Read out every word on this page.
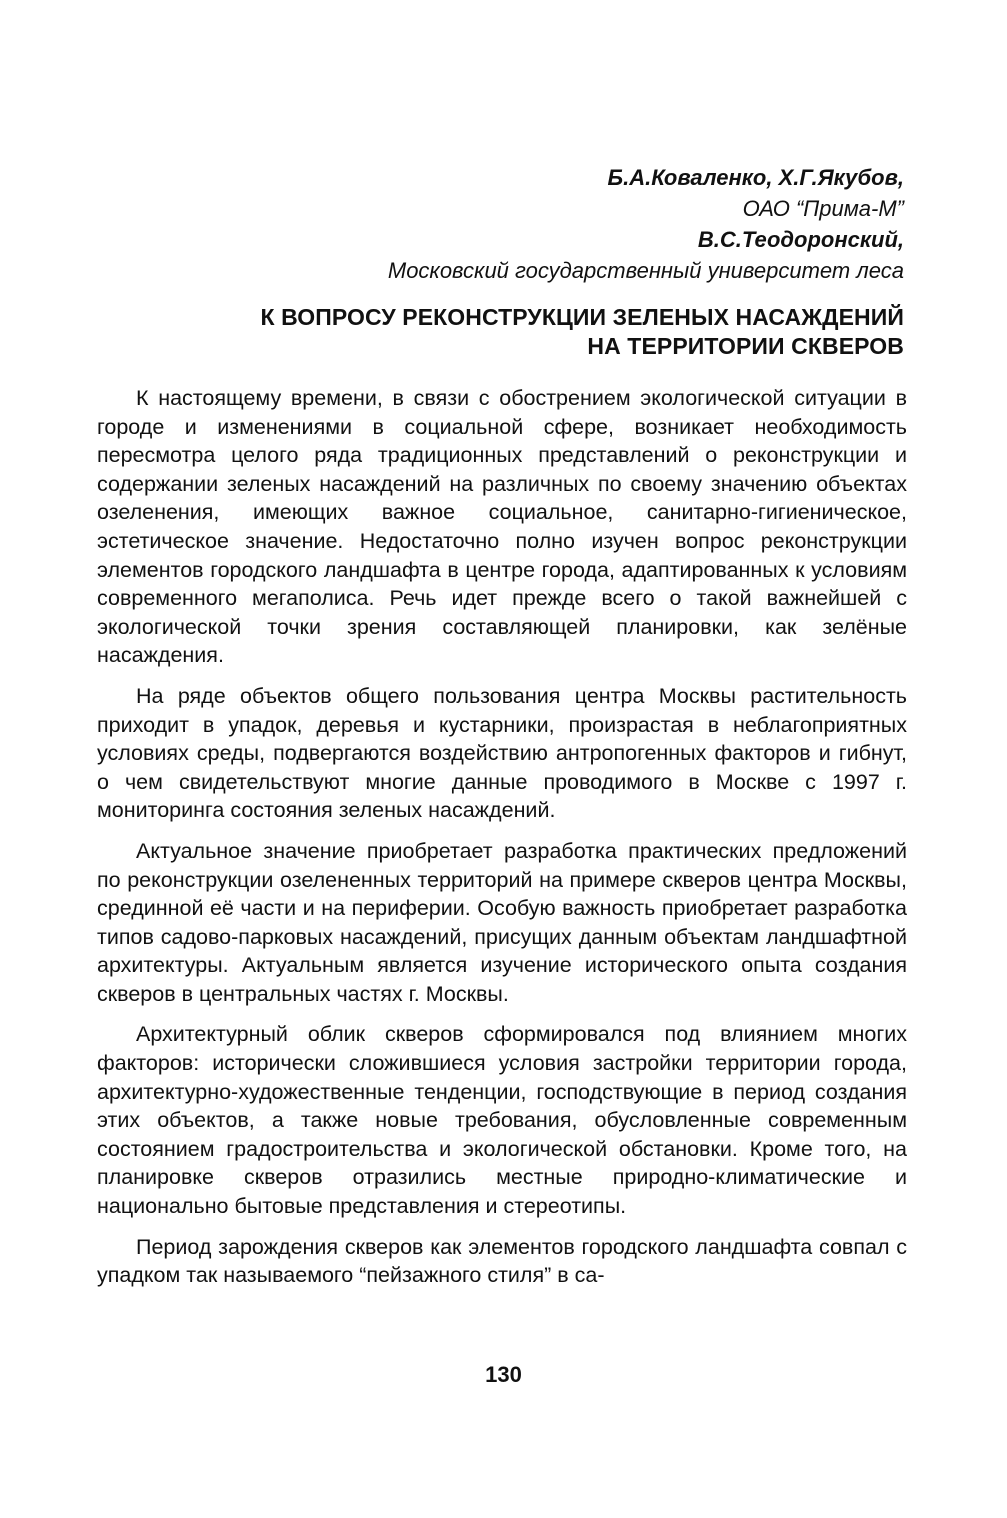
Б.А.Коваленко, Х.Г.Якубов,
ОАО “Прима-М”
В.С.Теодоронский,
Московский государственный университет леса
К ВОПРОСУ РЕКОНСТРУКЦИИ ЗЕЛЕНЫХ НАСАЖДЕНИЙ
НА ТЕРРИТОРИИ СКВЕРОВ

К настоящему времени, в связи с обострением экологической ситуации в городе и изменениями в социальной сфере, возникает необходимость пересмотра целого ряда традиционных представлений о реконструкции и содержании зеленых насаждений на различных по своему значению объектах озеленения, имеющих важное социальное, санитарно-гигиеническое, эстетическое значение. Недостаточно полно изучен вопрос реконструкции элементов городского ландшафта в центре города, адаптированных к условиям современного мегаполиса. Речь идет прежде всего о такой важнейшей с экологической точки зрения составляющей планировки, как зелёные насаждения.

На ряде объектов общего пользования центра Москвы растительность приходит в упадок, деревья и кустарники, произрастая в неблагоприятных условиях среды, подвергаются воздействию антропогенных факторов и гибнут, о чем свидетельствуют многие данные проводимого в Москве с 1997 г. мониторинга состояния зеленых насаждений.

Актуальное значение приобретает разработка практических предложений по реконструкции озелененных территорий на примере скверов центра Москвы, срединной её части и на периферии. Особую важность приобретает разработка типов садово-парковых насаждений, присущих данным объектам ландшафтной архитектуры. Актуальным является изучение исторического опыта создания скверов в центральных частях г. Москвы.

Архитектурный облик скверов сформировался под влиянием многих факторов: исторически сложившиеся условия застройки территории города, архитектурно-художественные тенденции, господствующие в период создания этих объектов, а также новые требования, обусловленные современным состоянием градостроительства и экологической обстановки. Кроме того, на планировке скверов отразились местные природно-климатические и национально бытовые представления и стереотипы.

Период зарождения скверов как элементов городского ландшафта совпал с упадком так называемого “пейзажного стиля” в са-

130
